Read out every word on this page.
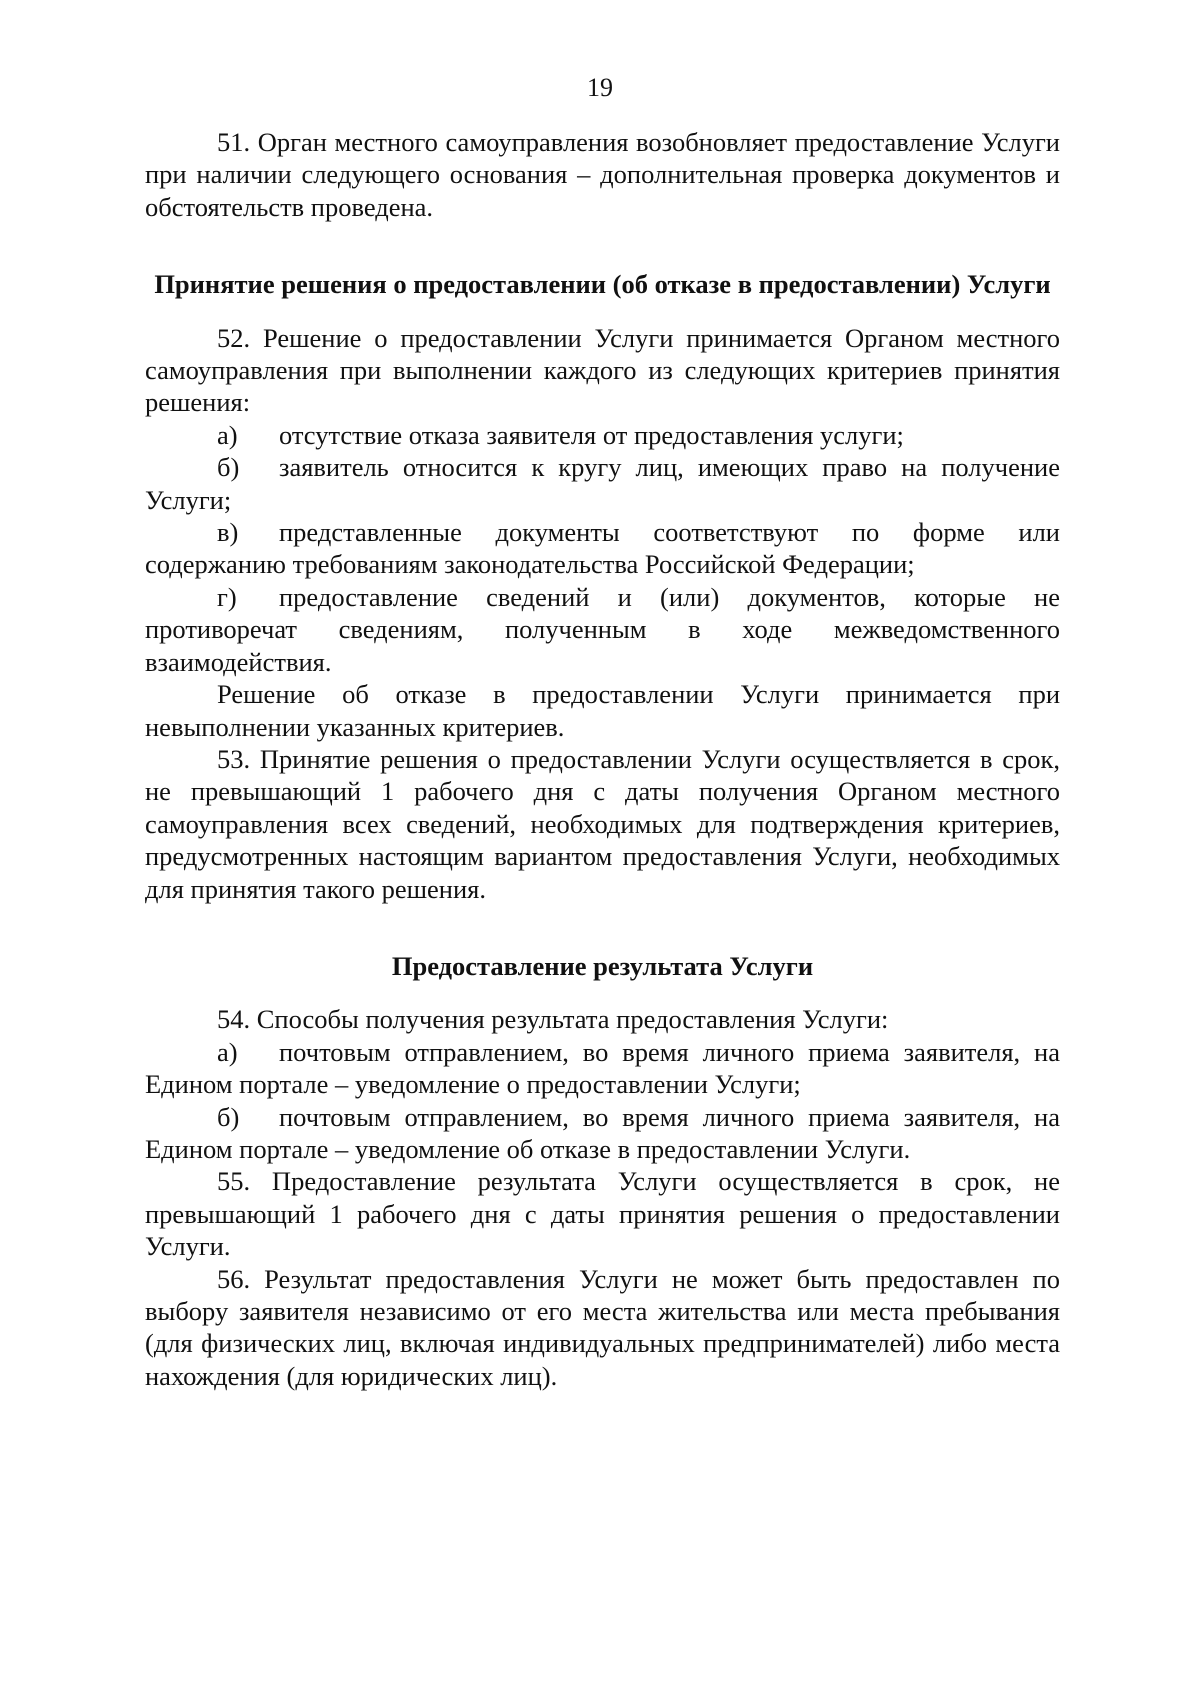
19

51. Орган местного самоуправления возобновляет предоставление Услуги при наличии следующего основания – дополнительная проверка документов и обстоятельств проведена.

Принятие решения о предоставлении (об отказе в предоставлении) Услуги

52. Решение о предоставлении Услуги принимается Органом местного самоуправления при выполнении каждого из следующих критериев принятия решения:

а) отсутствие отказа заявителя от предоставления услуги;

б) заявитель относится к кругу лиц, имеющих право на получение Услуги;

в) представленные документы соответствуют по форме или содержанию требованиям законодательства Российской Федерации;

г) предоставление сведений и (или) документов, которые не противоречат сведениям, полученным в ходе межведомственного взаимодействия.

Решение об отказе в предоставлении Услуги принимается при невыполнении указанных критериев.

53. Принятие решения о предоставлении Услуги осуществляется в срок, не превышающий 1 рабочего дня с даты получения Органом местного самоуправления всех сведений, необходимых для подтверждения критериев, предусмотренных настоящим вариантом предоставления Услуги, необходимых для принятия такого решения.

Предоставление результата Услуги

54. Способы получения результата предоставления Услуги:

а) почтовым отправлением, во время личного приема заявителя, на Едином портале – уведомление о предоставлении Услуги;

б) почтовым отправлением, во время личного приема заявителя, на Едином портале – уведомление об отказе в предоставлении Услуги.

55. Предоставление результата Услуги осуществляется в срок, не превышающий 1 рабочего дня с даты принятия решения о предоставлении Услуги.

56. Результат предоставления Услуги не может быть предоставлен по выбору заявителя независимо от его места жительства или места пребывания (для физических лиц, включая индивидуальных предпринимателей) либо места нахождения (для юридических лиц).
